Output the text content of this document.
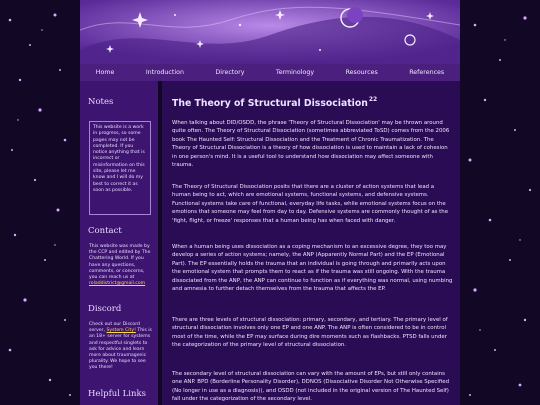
Home	Introduction	Directory	Terminology	Resources	References
Notes
This website is a work in progress, so some pages may not be completed. If you notice anything that is incorrect or misinformation on this site, please let me know and I will do my best to correct it as soon as possible.
Contact
This website was made by the CCP and edited by The Chattering World. If you have any questions, comments, or concerns, you can reach us at roladdistrict@gmail.com
Discord
Check out our Discord server, System City! This is an 18+ server for systems and respectful singlets to ask for advice and learn more about traumagenic plurality. We hope to see you there!
Helpful Links
The Theory of Structural Dissociation$^{22}$

When talking about DID/OSDD, the phrase 'Theory of Structural Dissociation' may be thrown around quite often. The Theory of Structural Dissociation (sometimes abbreviated ToSD) comes from the 2006 book The Haunted Self: Structural Dissociation and the Treatment of Chronic Traumatization. The Theory of Structural Dissociation is a theory of how dissociation is used to maintain a lack of cohesion in one person's mind. It is a useful tool to understand how dissociation may affect someone with trauma.

The Theory of Structural Dissociation posits that there are a cluster of action systems that lead a human being to act, which are emotional systems, functional systems, and defensive systems. Functional systems take care of functional, everyday life tasks, while emotional systems focus on the emotions that someone may feel from day to day. Defensive systems are commonly thought of as the 'fight, flight, or freeze' responses that a human being has when faced with danger.

When a human being uses dissociation as a coping mechanism to an excessive degree, they too may develop a series of action systems; namely, the ANP (Apparently Normal Part) and the EP (Emotional Part). The EP essentially holds the trauma that an individual is going through and primarily acts upon the emotional system that prompts them to react as if the trauma was still ongoing. With the trauma dissociated from the ANP, the ANP can continue to function as if everything was normal, using numbing and amnesia to further detach themselves from the trauma that affects the EP.

There are three levels of structural dissociation: primary, secondary, and tertiary. The primary level of structural dissociation involves only one EP and one ANP. The ANP is often considered to be in control most of the time, while the EP may surface during dire moments such as flashbacks. PTSD falls under the categorization of the primary level of structural dissociation.

The secondary level of structural dissociation can vary with the amount of EPs, but still only contains one ANP. BPD (Borderline Personality Disorder), DDNOS (Dissociative Disorder Not Otherwise Specified (No longer in use as a diagnosis)), and OSDD (not included in the original version of The Haunted Self) fall under the categorization of the secondary level.
